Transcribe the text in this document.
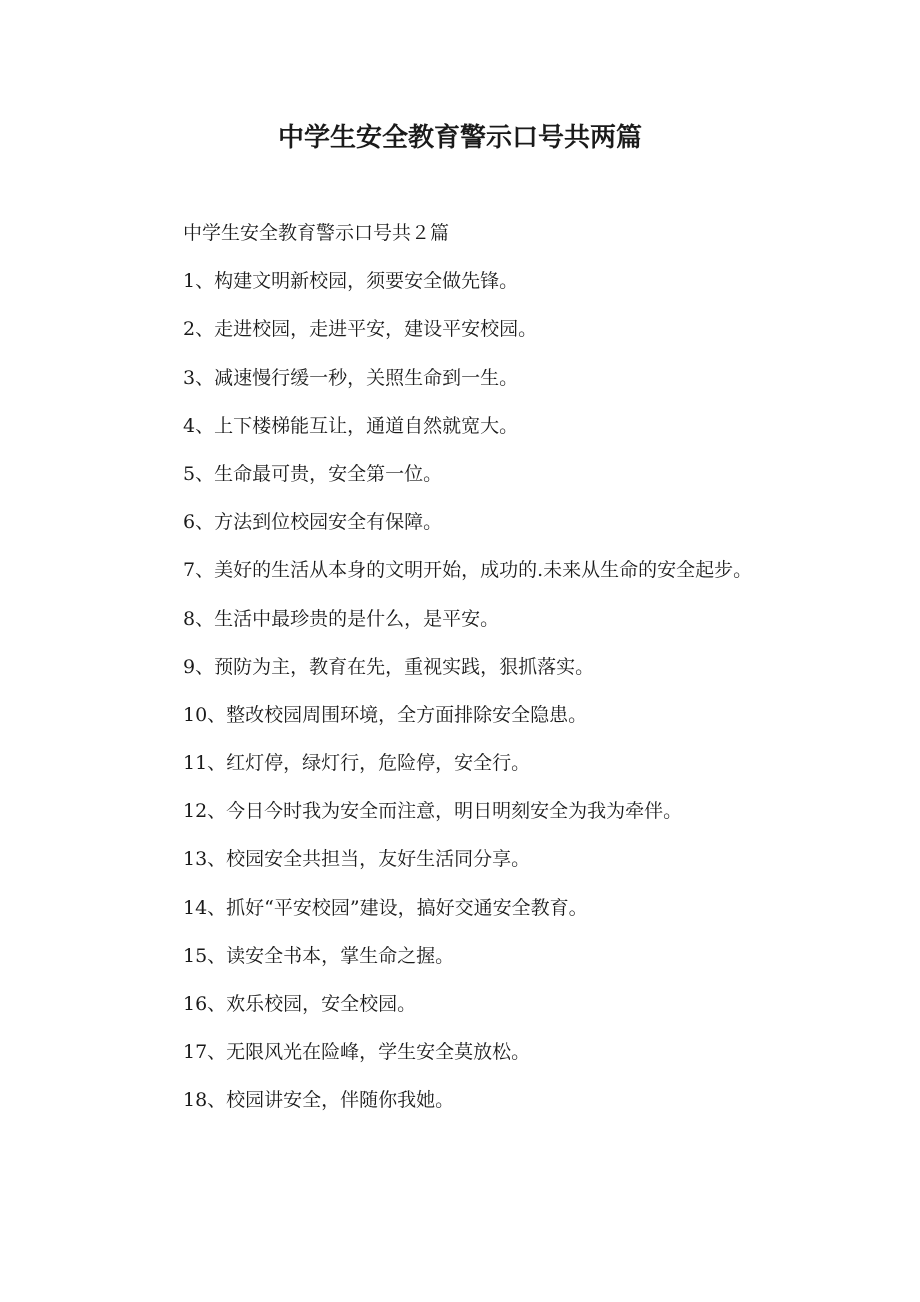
中学生安全教育警示口号共两篇

中学生安全教育警示口号共２篇

1、构建文明新校园，须要安全做先锋。

2、走进校园，走进平安，建设平安校园。

3、减速慢行缓一秒，关照生命到一生。

4、上下楼梯能互让，通道自然就宽大。

5、生命最可贵，安全第一位。

6、方法到位校园安全有保障。

7、美好的生活从本身的文明开始，成功的.未来从生命的安全起步。

8、生活中最珍贵的是什么，是平安。

9、预防为主，教育在先，重视实践，狠抓落实。

10、整改校园周围环境，全方面排除安全隐患。

11、红灯停，绿灯行，危险停，安全行。

12、今日今时我为安全而注意，明日明刻安全为我为牵伴。

13、校园安全共担当，友好生活同分享。

14、抓好“平安校园”建设，搞好交通安全教育。

15、读安全书本，掌生命之握。

16、欢乐校园，安全校园。

17、无限风光在险峰，学生安全莫放松。

18、校园讲安全，伴随你我她。
